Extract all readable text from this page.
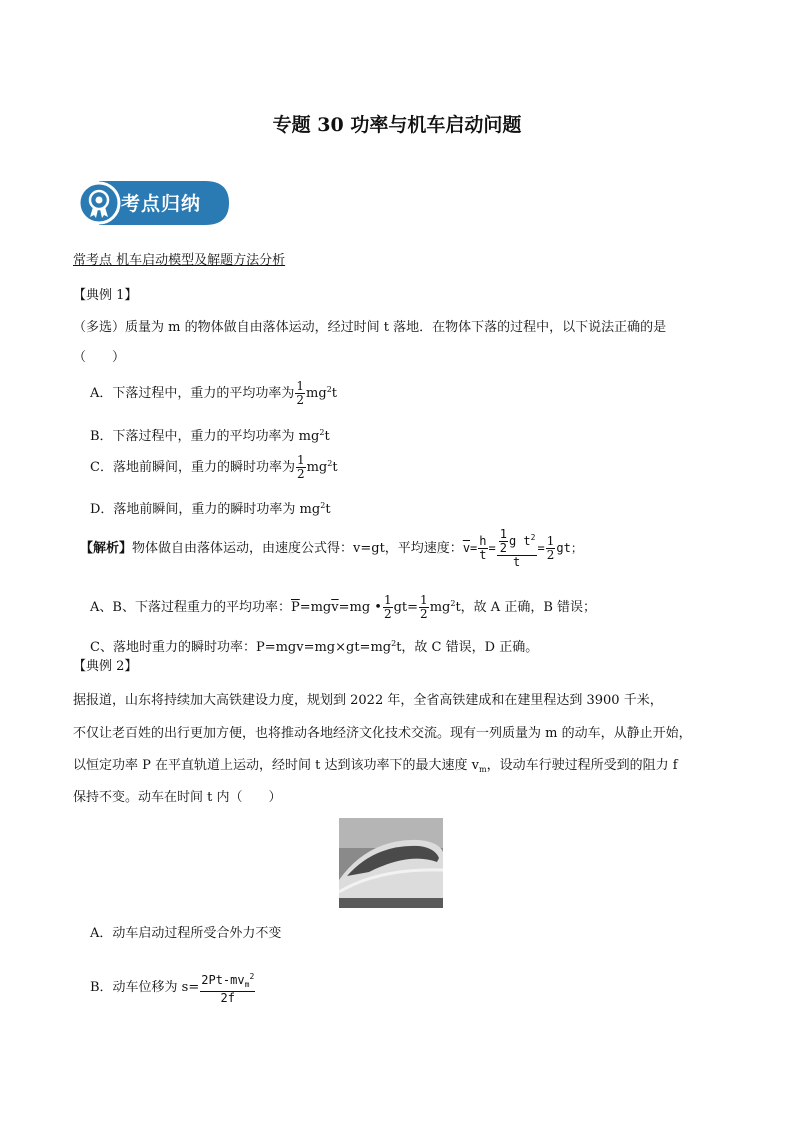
专题 30 功率与机车启动问题
考点归纳
常考点 机车启动模型及解题方法分析
【典例 1】
（多选）质量为 m 的物体做自由落体运动，经过时间 t 落地．在物体下落的过程中，以下说法正确的是
（　　）
A．下落过程中，重力的平均功率为 $\frac{1}{2} mg^2t$
B．下落过程中，重力的平均功率为 $mg^2t$
C．落地前瞬间，重力的瞬时功率为 $\frac{1}{2} mg^2t$
D．落地前瞬间，重力的瞬时功率为 $mg^2t$
【解析】物体做自由落体运动，由速度公式得：v=gt，平均速度：$\overline{v}= \frac{h}{t} = \frac{\frac{1}{2} g t^2}{t} = \frac{1}{2}$ gt；
A、B、下落过程重力的平均功率：$\overline{P}=mg\overline{v}=mg$ • $\frac{1}{2} gt= \frac{1}{2} mg^2t$，故 A 正确，B 错误；
C、落地时重力的瞬时功率：$P=mgv=mg\times gt=mg^2t$，故 C 错误，D 正确。
【典例 2】
据报道，山东将持续加大高铁建设力度，规划到 2022 年，全省高铁建成和在建里程达到 3900 千米，
不仅让老百姓的出行更加方便，也将推动各地经济文化技术交流。现有一列质量为 m 的动车，从静止开始，
以恒定功率 P 在平直轨道上运动，经时间 t 达到该功率下的最大速度 $v_m$，设动车行驶过程所受到的阻力 f
保持不变。动车在时间 t 内（　　）
A．动车启动过程所受合外力不变
B．动车位移为 $s= \frac{2Pt-mv_m^2}{2f}$
